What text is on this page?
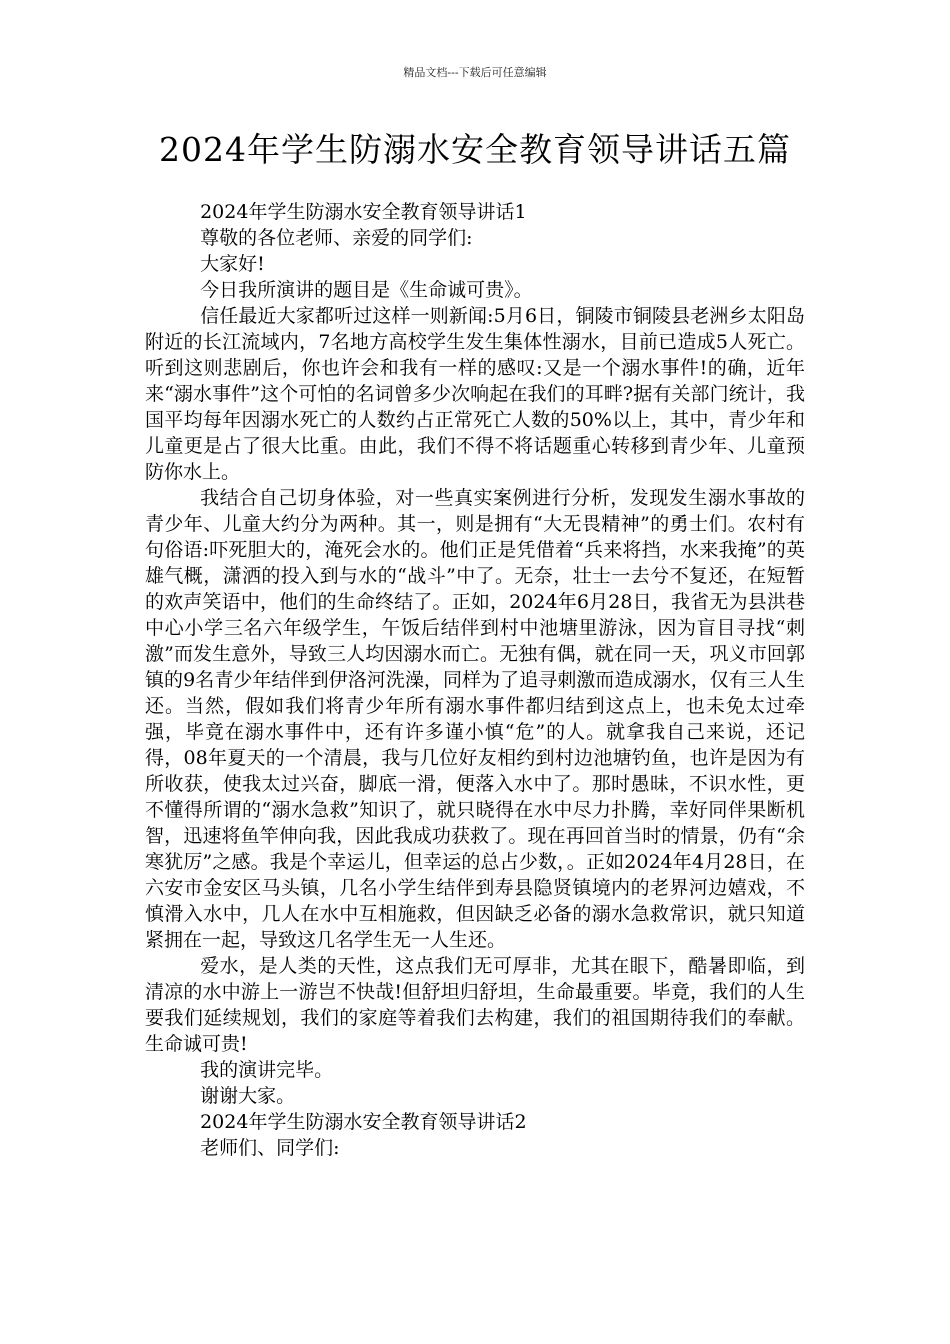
精品文档---下载后可任意编辑
2024年学生防溺水安全教育领导讲话五篇

2024年学生防溺水安全教育领导讲话1

尊敬的各位老师、亲爱的同学们:

大家好!

今日我所演讲的题目是《生命诚可贵》。

信任最近大家都听过这样一则新闻:5月6日，铜陵市铜陵县老洲乡太阳岛附近的长江流域内，7名地方高校学生发生集体性溺水，目前已造成5人死亡。听到这则悲剧后，你也许会和我有一样的感叹:又是一个溺水事件!的确，近年来“溺水事件”这个可怕的名词曾多少次响起在我们的耳畔?据有关部门统计，我国平均每年因溺水死亡的人数约占正常死亡人数的50%以上，其中，青少年和儿童更是占了很大比重。由此，我们不得不将话题重心转移到青少年、儿童预防你水上。

我结合自己切身体验，对一些真实案例进行分析，发现发生溺水事故的青少年、儿童大约分为两种。其一，则是拥有“大无畏精神”的勇士们。农村有句俗语:吓死胆大的，淹死会水的。他们正是凭借着“兵来将挡，水来我掩”的英雄气概，潇洒的投入到与水的“战斗”中了。无奈，壮士一去兮不复还，在短暂的欢声笑语中，他们的生命终结了。正如，2024年6月28日，我省无为县洪巷中心小学三名六年级学生，午饭后结伴到村中池塘里游泳，因为盲目寻找“刺激”而发生意外，导致三人均因溺水而亡。无独有偶，就在同一天，巩义市回郭镇的9名青少年结伴到伊洛河洗澡，同样为了追寻刺激而造成溺水，仅有三人生还。当然，假如我们将青少年所有溺水事件都归结到这点上，也未免太过牵强，毕竟在溺水事件中，还有许多谨小慎“危”的人。就拿我自己来说，还记得，08年夏天的一个清晨，我与几位好友相约到村边池塘钓鱼，也许是因为有所收获，使我太过兴奋，脚底一滑，便落入水中了。那时愚昧，不识水性，更不懂得所谓的“溺水急救”知识了，就只晓得在水中尽力扑腾，幸好同伴果断机智，迅速将鱼竿伸向我，因此我成功获救了。现在再回首当时的情景，仍有“余寒犹厉”之感。我是个幸运儿，但幸运的总占少数，。正如2024年4月28日，在六安市金安区马头镇，几名小学生结伴到寿县隐贤镇境内的老界河边嬉戏，不慎滑入水中，几人在水中互相施救，但因缺乏必备的溺水急救常识，就只知道紧拥在一起，导致这几名学生无一人生还。

爱水，是人类的天性，这点我们无可厚非，尤其在眼下，酷暑即临，到清凉的水中游上一游岂不快哉!但舒坦归舒坦，生命最重要。毕竟，我们的人生要我们延续规划，我们的家庭等着我们去构建，我们的祖国期待我们的奉献。生命诚可贵!

我的演讲完毕。

谢谢大家。

2024年学生防溺水安全教育领导讲话2

老师们、同学们:
